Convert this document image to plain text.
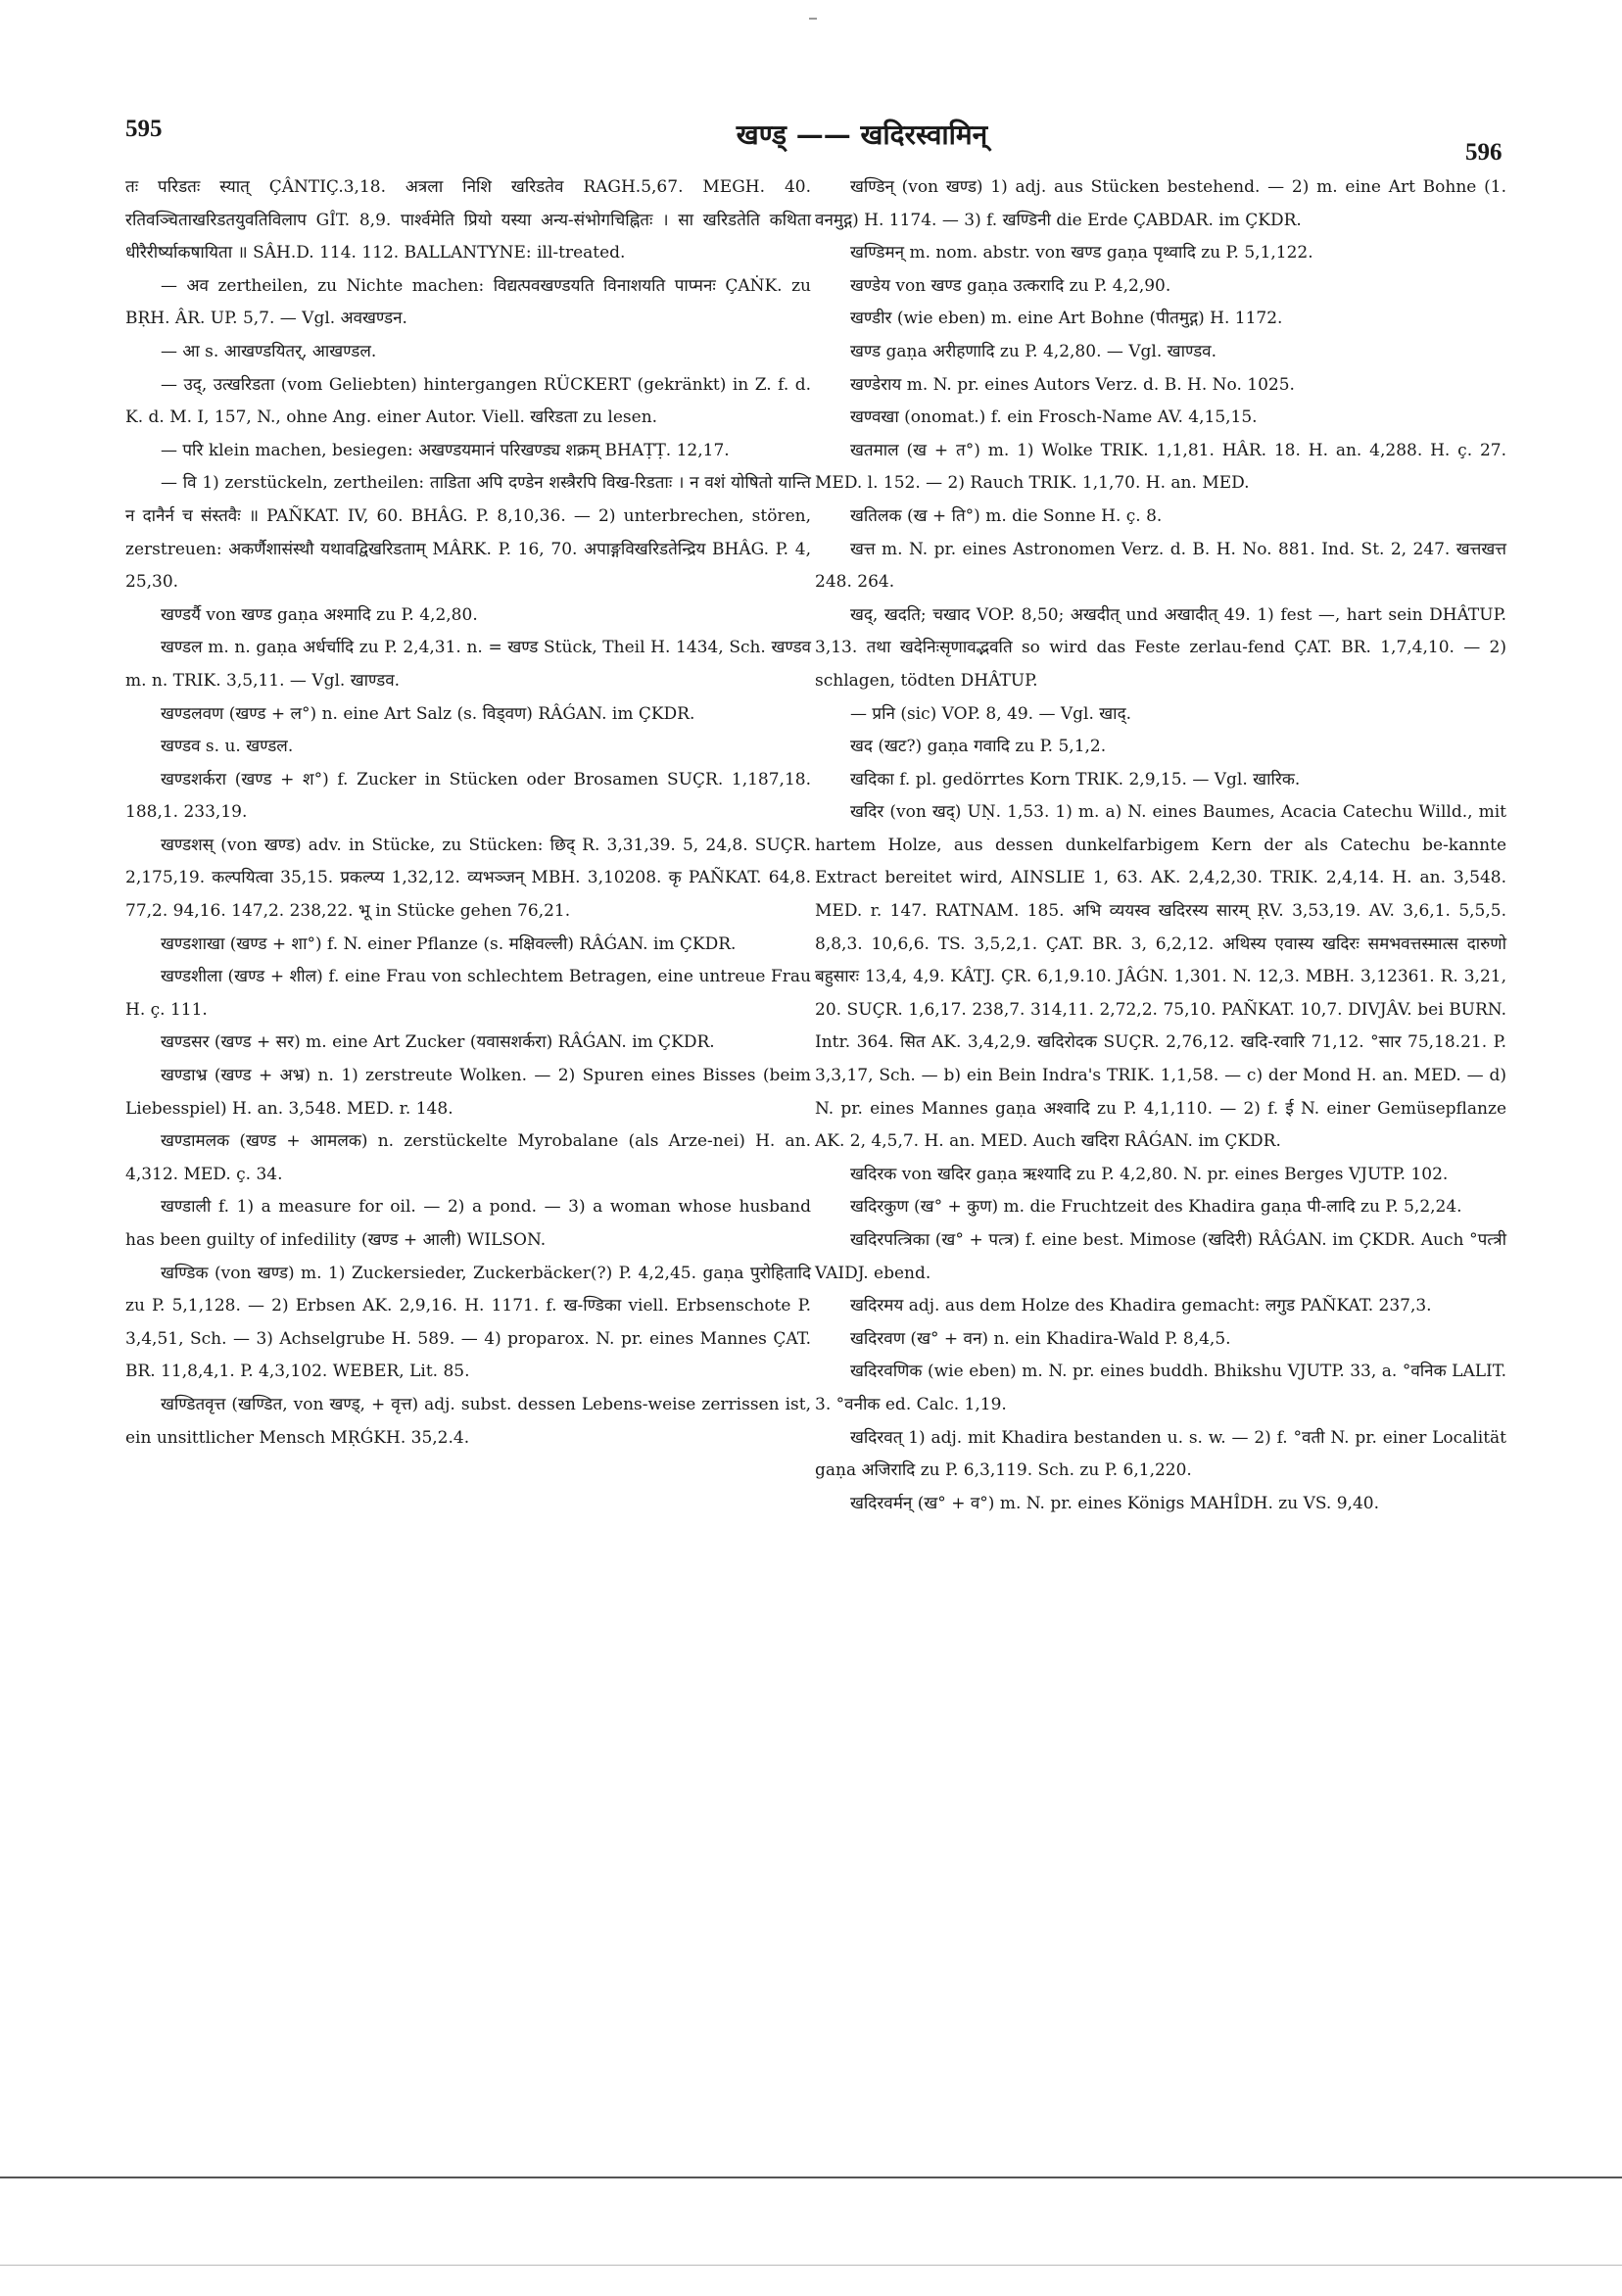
595	खण्ड् —— खदिरस्वामिन्
596

तः परिडतः स्यात् ÇÂNTIÇ.3,18. अत्रला निशि खरिडतेव RAGH.5,67. MEGH. 40. रतिवञ्चिताखरिडतयुवतिविलाप GÎT. 8,9. पार्श्वमेति प्रियो यस्या अन्य-संभोगचिह्नितः । सा खरिडतेति कथिता धीरैरीर्ष्याकषायिता ॥ SÂH.D. 114. 112. BALLANTYNE: ill-treated.

— अव zertheilen, zu Nichte machen: विद्यत्पवखण्डयति विनाशयति पाप्मनः ÇAṄK. zu BṚH. ÂR. UP. 5,7. — Vgl. अवखण्डन.

— आ s. आखण्डयितर्, आखण्डल.

— उद्, उत्खरिडता (vom Geliebten) hintergangen RÜCKERT (gekränkt) in Z. f. d. K. d. M. I, 157, N., ohne Ang. einer Autor. Viell. खरिडता zu lesen.

— परि klein machen, besiegen: अखण्डयमानं परिखण्ड्य शक्रम् BHAṬṬ. 12,17.

— वि 1) zerstückeln, zertheilen: ताडिता अपि दण्डेन शस्त्रैरपि विख-रिडताः । न वशं योषितो यान्ति न दानैर्न च संस्तवैः ॥ PAÑKAT. IV, 60. BHÂG. P. 8,10,36. — 2) unterbrechen, stören, zerstreuen: अकर्णैशासंस्थौ यथावद्विखरिडताम् MÂRK. P. 16, 70. अपाङ्गविखरिडतेन्द्रिय BHÂG. P. 4, 25,30.

खण्डर्यै von खण्ड gaṇa अश्मादि zu P. 4,2,80.

खण्डल m. n. gaṇa अर्धर्चादि zu P. 2,4,31. n. = खण्ड Stück, Theil H. 1434, Sch. खण्डव m. n. TRIK. 3,5,11. — Vgl. खाण्डव.

खण्डलवण (खण्ड + ल°) n. eine Art Salz (s. विड्वण) RÂǴAN. im ÇKDR.

खण्डव s. u. खण्डल.

खण्डशर्करा (खण्ड + श°) f. Zucker in Stücken oder Brosamen SUÇR. 1,187,18. 188,1. 233,19.

खण्डशस् (von खण्ड) adv. in Stücke, zu Stücken: छिद् R. 3,31,39. 5, 24,8. SUÇR. 2,175,19. कल्पयित्वा 35,15. प्रकल्प्य 1,32,12. व्यभञ्जन् MBH. 3,10208. कृ PAÑKAT. 64,8. 77,2. 94,16. 147,2. 238,22. भू in Stücke gehen 76,21.

खण्डशाखा (खण्ड + शा°) f. N. einer Pflanze (s. मक्षिवल्ली) RÂǴAN. im ÇKDR.

खण्डशीला (खण्ड + शील) f. eine Frau von schlechtem Betragen, eine untreue Frau H. ç. 111.

खण्डसर (खण्ड + सर) m. eine Art Zucker (यवासशर्करा) RÂǴAN. im ÇKDR.

खण्डाभ्र (खण्ड + अभ्र) n. 1) zerstreute Wolken. — 2) Spuren eines Bisses (beim Liebesspiel) H. an. 3,548. MED. r. 148.

खण्डामलक (खण्ड + आमलक) n. zerstückelte Myrobalane (als Arze-nei) H. an. 4,312. MED. ç. 34.

खण्डाली f. 1) a measure for oil. — 2) a pond. — 3) a woman whose husband has been guilty of infedility (खण्ड + आली) WILSON.

खण्डिक (von खण्ड) m. 1) Zuckersieder, Zuckerbäcker(?) P. 4,2,45. gaṇa पुरोहितादि zu P. 5,1,128. — 2) Erbsen AK. 2,9,16. H. 1171. f. ख-ण्डिका viell. Erbsenschote P. 3,4,51, Sch. — 3) Achselgrube H. 589. — 4) proparox. N. pr. eines Mannes ÇAT. BR. 11,8,4,1. P. 4,3,102. WEBER, Lit. 85.

खण्डितवृत्त (खण्डित, von खण्ड्, + वृत्त) adj. subst. dessen Lebens-weise zerrissen ist, ein unsittlicher Mensch MṚǴKH. 35,2.4.

खण्डिन् (von खण्ड) 1) adj. aus Stücken bestehend. — 2) m. eine Art Bohne (1. वनमुद्ग) H. 1174. — 3) f. खण्डिनी die Erde ÇABDAR. im ÇKDR.

खण्डिमन् m. nom. abstr. von खण्ड gaṇa पृथ्वादि zu P. 5,1,122.

खण्डेय von खण्ड gaṇa उत्करादि zu P. 4,2,90.

खण्डीर (wie eben) m. eine Art Bohne (पीतमुद्ग) H. 1172.

खण्ड gaṇa अरीहणादि zu P. 4,2,80. — Vgl. खाण्डव.

खण्डेराय m. N. pr. eines Autors Verz. d. B. H. No. 1025.

खण्वखा (onomat.) f. ein Frosch-Name AV. 4,15,15.

खतमाल (ख + त°) m. 1) Wolke TRIK. 1,1,81. HÂR. 18. H. an. 4,288. H. ç. 27. MED. l. 152. — 2) Rauch TRIK. 1,1,70. H. an. MED.

खतिलक (ख + ति°) m. die Sonne H. ç. 8.

खत्त m. N. pr. eines Astronomen Verz. d. B. H. No. 881. Ind. St. 2, 247. खत्तखत्त 248. 264.

खद्, खदति; चखाद VOP. 8,50; अखदीत् und अखादीत् 49. 1) fest —, hart sein DHÂTUP. 3,13. तथा खदेनिःसृणावद्भवति so wird das Feste zerlau-fend ÇAT. BR. 1,7,4,10. — 2) schlagen, tödten DHÂTUP.

— प्रनि (sic) VOP. 8, 49. — Vgl. खाद्.

खद (खट?) gaṇa गवादि zu P. 5,1,2.

खदिका f. pl. gedörrtes Korn TRIK. 2,9,15. — Vgl. खारिक.

खदिर (von खद्) UṆ. 1,53. 1) m. a) N. eines Baumes, Acacia Catechu Willd., mit hartem Holze, aus dessen dunkelfarbigem Kern der als Catechu be-kannte Extract bereitet wird, AINSLIE 1, 63. AK. 2,4,2,30. TRIK. 2,4,14. H. an. 3,548. MED. r. 147. RATNAM. 185. अभि व्ययस्व खदिरस्य सारम् ṚV. 3,53,19. AV. 3,6,1. 5,5,5. 8,8,3. 10,6,6. TS. 3,5,2,1. ÇAT. BR. 3, 6,2,12. अथिस्य एवास्य खदिरः समभवत्तस्मात्स दारुणो बहुसारः 13,4, 4,9. KÂTJ. ÇR. 6,1,9.10. JÂǴN. 1,301. N. 12,3. MBH. 3,12361. R. 3,21, 20. SUÇR. 1,6,17. 238,7. 314,11. 2,72,2. 75,10. PAÑKAT. 10,7. DIVJÂV. bei BURN. Intr. 364. सित AK. 3,4,2,9. खदिरोदक SUÇR. 2,76,12. खदि-रवारि 71,12. °सार 75,18.21. P. 3,3,17, Sch. — b) ein Bein Indra's TRIK. 1,1,58. — c) der Mond H. an. MED. — d) N. pr. eines Mannes gaṇa अश्वादि zu P. 4,1,110. — 2) f. ई N. einer Gemüsepflanze AK. 2, 4,5,7. H. an. MED. Auch खदिरा RÂǴAN. im ÇKDR.

खदिरक von खदिर gaṇa ऋश्यादि zu P. 4,2,80. N. pr. eines Berges VJUTP. 102.

खदिरकुण (ख° + कुण) m. die Fruchtzeit des Khadira gaṇa पी-लादि zu P. 5,2,24.

खदिरपत्त्रिका (ख° + पत्त्र) f. eine best. Mimose (खदिरी) RÂǴAN. im ÇKDR. Auch °पत्त्री VAIDJ. ebend.

खदिरमय adj. aus dem Holze des Khadira gemacht: लगुड PAÑKAT. 237,3.

खदिरवण (ख° + वन) n. ein Khadira-Wald P. 8,4,5.

खदिरवणिक (wie eben) m. N. pr. eines buddh. Bhikshu VJUTP. 33, a. °वनिक LALIT. 3. °वनीक ed. Calc. 1,19.

खदिरवत् 1) adj. mit Khadira bestanden u. s. w. — 2) f. °वती N. pr. einer Localität gaṇa अजिरादि zu P. 6,3,119. Sch. zu P. 6,1,220.

खदिरवर्मन् (ख° + व°) m. N. pr. eines Königs MAHÎDH. zu VS. 9,40.
